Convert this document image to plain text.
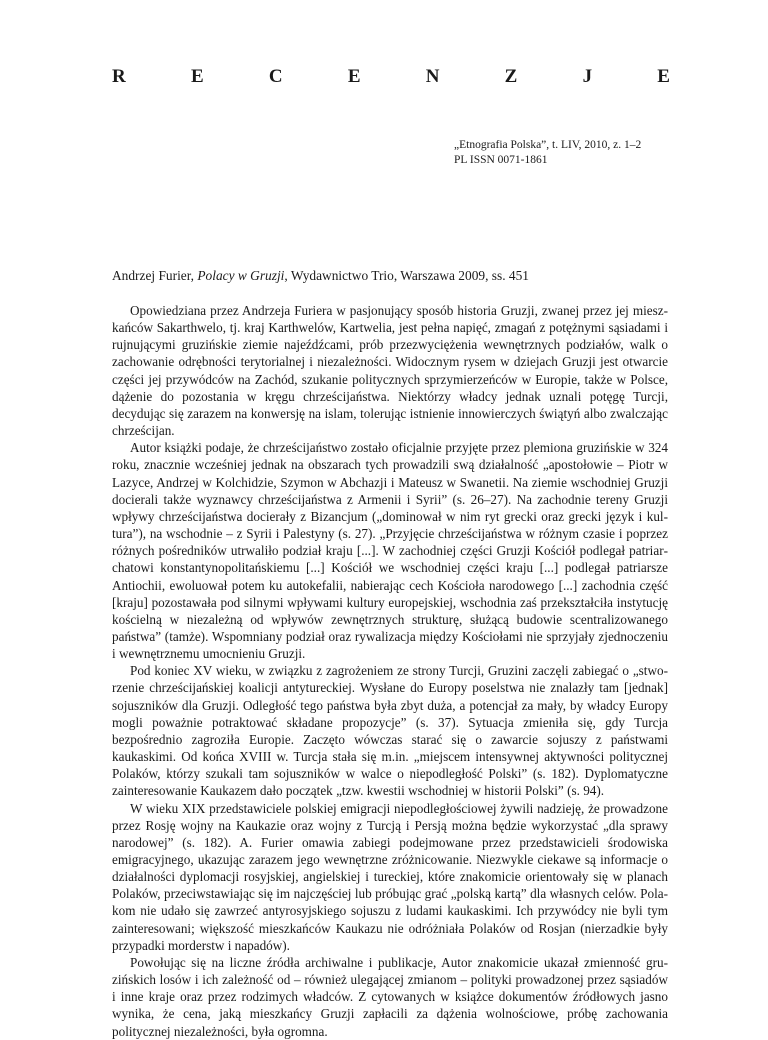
R	E	C	E	N	Z	J	E
„Etnografia Polska”, t. LIV, 2010, z. 1–2
PL ISSN 0071-1861
Andrzej Furier, Polacy w Gruzji, Wydawnictwo Trio, Warszawa 2009, ss. 451

Opowiedziana przez Andrzeja Furiera w pasjonujący sposób historia Gruzji, zwanej przez jej mieszkańców Sakarthwelo, tj. kraj Karthwelów, Kartwelia, jest pełna napięć, zmagań z potężnymi sąsiadami i rujnującymi gruzińskie ziemie najeźdźcami, prób przezwyciężenia wewnętrznych podziałów, walk o zachowanie odrębności terytorialnej i niezależności. Widocznym rysem w dziejach Gruzji jest otwarcie części jej przywódców na Zachód, szukanie politycznych sprzymierzeńców w Europie, także w Polsce, dążenie do pozostania w kręgu chrześcijaństwa. Niektórzy władcy jednak uznali potęgę Turcji, decydując się zarazem na konwersję na islam, tolerując istnienie innowierczych świątyń albo zwalczając chrześcijan.

Autor książki podaje, że chrześcijaństwo zostało oficjalnie przyjęte przez plemiona gruzińskie w 324 roku, znacznie wcześniej jednak na obszarach tych prowadzili swą działalność „apostołowie – Piotr w Lazyce, Andrzej w Kolchidzie, Szymon w Abchazji i Mateusz w Swanetii. Na ziemie wschodniej Gruzji docierali także wyznawcy chrześcijaństwa z Armenii i Syrii” (s. 26–27). Na zachodnie tereny Gruzji wpływy chrześcijaństwa docierały z Bizancjum („dominował w nim ryt grecki oraz grecki język i kultura”), na wschodnie – z Syrii i Palestyny (s. 27). „Przyjęcie chrześcijaństwa w różnym czasie i poprzez różnych pośredników utrwaliło podział kraju [...]. W zachodniej części Gruzji Kościół podlegał patriarchatowi konstantynopolitańskiemu [...] Kościół we wschodniej części kraju [...] podlegał patriarsze Antiochii, ewoluował potem ku autokefalii, nabierając cech Kościoła narodowego [...] zachodnia część [kraju] pozostawała pod silnymi wpływami kultury europejskiej, wschodnia zaś przekształciła instytucję kościelną w niezależną od wpływów zewnętrznych strukturę, służącą budowie scentralizowanego państwa” (tamże). Wspomniany podział oraz rywalizacja między Kościołami nie sprzyjały zjednoczeniu i wewnętrznemu umocnieniu Gruzji.

Pod koniec XV wieku, w związku z zagrożeniem ze strony Turcji, Gruzini zaczęli zabiegać o „stworzenie chrześcijańskiej koalicji antytureckiej. Wysłane do Europy poselstwa nie znalazły tam [jednak] sojuszników dla Gruzji. Odległość tego państwa była zbyt duża, a potencjał za mały, by władcy Europy mogli poważnie potraktować składane propozycje” (s. 37). Sytuacja zmieniła się, gdy Turcja bezpośrednio zagroziła Europie. Zaczęto wówczas starać się o zawarcie sojuszy z państwami kaukaskimi. Od końca XVIII w. Turcja stała się m.in. „miejscem intensywnej aktywności politycznej Polaków, którzy szukali tam sojuszników w walce o niepodległość Polski” (s. 182). Dyplomatyczne zainteresowanie Kaukazem dało początek „tzw. kwestii wschodniej w historii Polski” (s. 94).

W wieku XIX przedstawiciele polskiej emigracji niepodległościowej żywili nadzieję, że prowadzone przez Rosję wojny na Kaukazie oraz wojny z Turcją i Persją można będzie wykorzystać „dla sprawy narodowej” (s. 182). A. Furier omawia zabiegi podejmowane przez przedstawicieli środowiska emigracyjnego, ukazując zarazem jego wewnętrzne zróżnicowanie. Niezwykle ciekawe są informacje o działalności dyplomacji rosyjskiej, angielskiej i tureckiej, które znakomicie orientowały się w planach Polaków, przeciwstawiając się im najczęściej lub próbując grać „polską kartą” dla własnych celów. Polakom nie udało się zawrzeć antyrosyjskiego sojuszu z ludami kaukaskimi. Ich przywódcy nie byli tym zainteresowani; większość mieszkańców Kaukazu nie odróżniała Polaków od Rosjan (nierzadkie były przypadki morderstw i napadów).

Powołując się na liczne źródła archiwalne i publikacje, Autor znakomicie ukazał zmienność gruzińskich losów i ich zależność od – również ulegającej zmianom – polityki prowadzonej przez sąsiadów i inne kraje oraz przez rodzimych władców. Z cytowanych w książce dokumentów źródłowych jasno wynika, że cena, jaką mieszkańcy Gruzji zapłacili za dążenia wolnościowe, próbę zachowania politycznej niezależności, była ogromna.
